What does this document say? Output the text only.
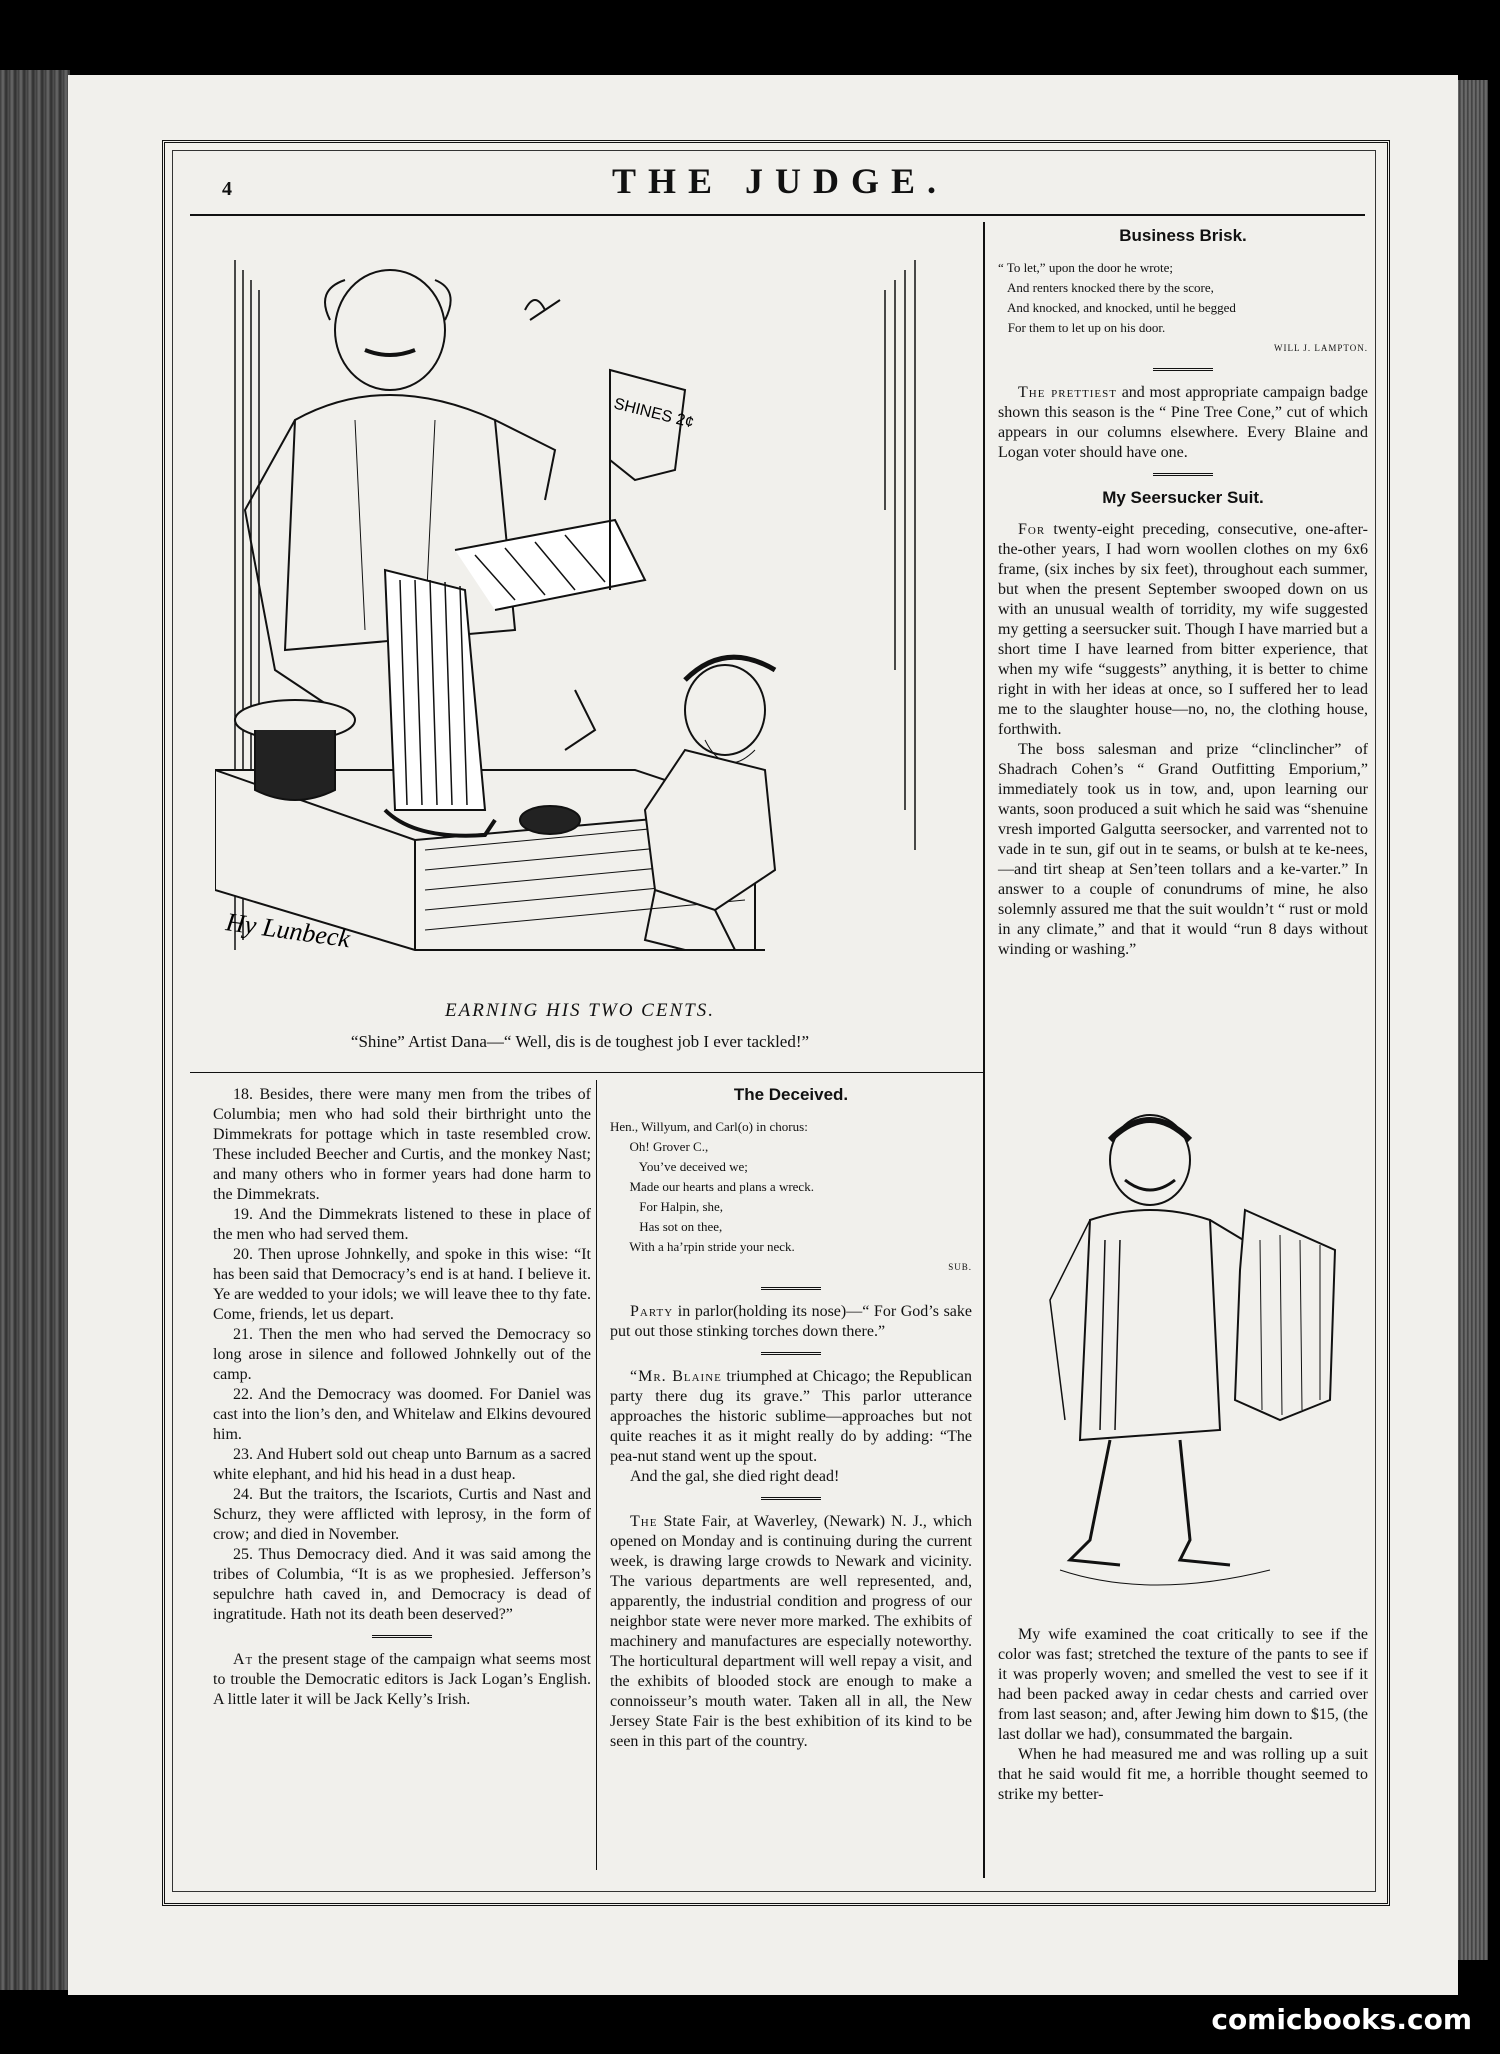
4	THE JUDGE.
SHINES 2¢
Hy Lunbeck
EARNING HIS TWO CENTS.
“Shine” Artist Dana—“ Well, dis is de toughest job I ever tackled!”

18. Besides, there were many men from the tribes of Columbia; men who had sold their birthright unto the Dimmekrats for pottage which in taste resembled crow. These included Beecher and Curtis, and the monkey Nast; and many others who in former years had done harm to the Dimmekrats.

19. And the Dimmekrats listened to these in place of the men who had served them.

20. Then uprose Johnkelly, and spoke in this wise: “It has been said that Democracy’s end is at hand. I believe it. Ye are wedded to your idols; we will leave thee to thy fate. Come, friends, let us depart.

21. Then the men who had served the Democracy so long arose in silence and followed Johnkelly out of the camp.

22. And the Democracy was doomed. For Daniel was cast into the lion’s den, and Whitelaw and Elkins devoured him.

23. And Hubert sold out cheap unto Barnum as a sacred white elephant, and hid his head in a dust heap.

24. But the traitors, the Iscariots, Curtis and Nast and Schurz, they were afflicted with leprosy, in the form of crow; and died in November.

25. Thus Democracy died. And it was said among the tribes of Columbia, “It is as we prophesied. Jefferson’s sepulchre hath caved in, and Democracy is dead of ingratitude. Hath not its death been deserved?”

At the present stage of the campaign what seems most to trouble the Democratic editors is Jack Logan’s English. A little later it will be Jack Kelly’s Irish.

The Deceived.
Hen., Willyum, and Carl(o) in chorus:
Oh! Grover C.,
You’ve deceived we;
Made our hearts and plans a wreck.
For Halpin, she,
Has sot on thee,
With a ha’rpin stride your neck.
SUB.

Party in parlor(holding its nose)—“ For God’s sake put out those stinking torches down there.”

“Mr. Blaine triumphed at Chicago; the Republican party there dug its grave.” This parlor utterance approaches the historic sublime—approaches but not quite reaches it as it might really do by adding: “The pea-nut stand went up the spout.

And the gal, she died right dead!

The State Fair, at Waverley, (Newark) N. J., which opened on Monday and is continuing during the current week, is drawing large crowds to Newark and vicinity. The various departments are well represented, and, apparently, the industrial condition and progress of our neighbor state were never more marked. The exhibits of machinery and manufactures are especially noteworthy. The horticultural department will well repay a visit, and the exhibits of blooded stock are enough to make a connoisseur’s mouth water. Taken all in all, the New Jersey State Fair is the best exhibition of its kind to be seen in this part of the country.

Business Brisk.
“ To let,” upon the door he wrote;
And renters knocked there by the score,
And knocked, and knocked, until he begged
For them to let up on his door.
WILL J. LAMPTON.

The prettiest and most appropriate campaign badge shown this season is the “ Pine Tree Cone,” cut of which appears in our columns elsewhere. Every Blaine and Logan voter should have one.

My Seersucker Suit.

For twenty-eight preceding, consecutive, one-after-the-other years, I had worn woollen clothes on my 6x6 frame, (six inches by six feet), throughout each summer, but when the present September swooped down on us with an unusual wealth of torridity, my wife suggested my getting a seersucker suit. Though I have married but a short time I have learned from bitter experience, that when my wife “suggests” anything, it is better to chime right in with her ideas at once, so I suffered her to lead me to the slaughter house—no, no, the clothing house, forthwith.

The boss salesman and prize “clinclincher” of Shadrach Cohen’s “ Grand Outfitting Emporium,” immediately took us in tow, and, upon learning our wants, soon produced a suit which he said was “shenuine vresh imported Galgutta seersocker, and varrented not to vade in te sun, gif out in te seams, or bulsh at te ke-nees, —and tirt sheap at Sen’teen tollars and a ke-varter.” In answer to a couple of conundrums of mine, he also solemnly assured me that the suit wouldn’t “ rust or mold in any climate,” and that it would “run 8 days without winding or washing.”

My wife examined the coat critically to see if the color was fast; stretched the texture of the pants to see if it was properly woven; and smelled the vest to see if it had been packed away in cedar chests and carried over from last season; and, after Jewing him down to $15, (the last dollar we had), consummated the bargain.

When he had measured me and was rolling up a suit that he said would fit me, a horrible thought seemed to strike my better-

comicbooks.com
